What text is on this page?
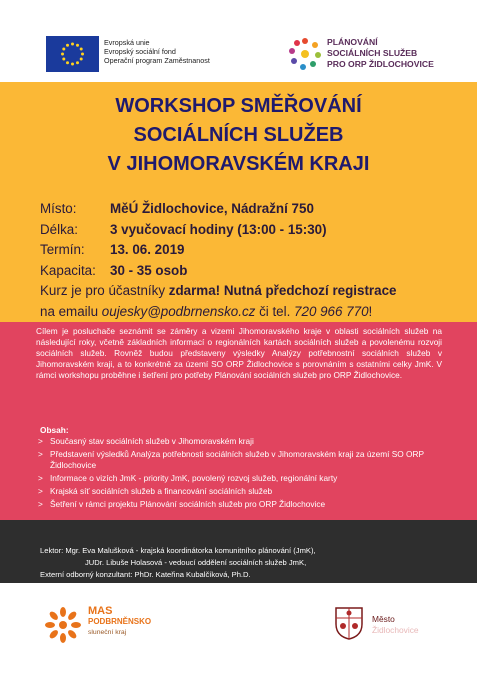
Evropská unie
Evropský sociální fond
Operační program Zaměstnanost
PLÁNOVÁNÍ
SOCIÁLNÍCH SLUŽEB
PRO ORP ŽIDLOCHOVICE
WORKSHOP SMĚŘOVÁNÍ
SOCIÁLNÍCH SLUŽEB
V JIHOMORAVSKÉM KRAJI
Místo:	MěÚ Židlochovice, Nádražní 750
Délka: 3 vyučovací hodiny (13:00 - 15:30)
Termín: 13. 06. 2019
Kapacita: 30 - 35 osob
Kurz je pro účastníky zdarma! Nutná předchozí registrace
na emailu oujesky@podbrnensko.cz či tel. 720 966 770!
Cílem je posluchače seznámit se záměry a vizemi Jihomoravského kraje v oblasti sociálních služeb na následující roky, včetně základních informací o regionálních kartách sociálních služeb a povolenému rozvoji sociálních služeb. Rovněž budou představeny výsledky Analýzy potřebnostní sociálních služeb v Jihomoravském kraji, a to konkrétně za území SO ORP Židlochovice s porovnáním s ostatními celky JmK. V rámci workshopu proběhne i šetření pro potřeby Plánování sociálních služeb pro ORP Židlochovice.
Obsah:
> Současný stav sociálních služeb v Jihomoravském kraji
> Představení výsledků Analýza potřebnosti sociálních služeb v Jihomoravském kraji za území SO ORP Židlochovice
> Informace o vizích JmK - priority JmK, povolený rozvoj služeb, regionální karty
> Krajská síť sociálních služeb a financování sociálních služeb
> Šetření v rámci projektu Plánování sociálních služeb pro ORP Židlochovice
Lektor: Mgr. Eva Malušková - krajská koordinátorka komunitního plánování (JmK),
JUDr. Libuše Holasová - vedoucí oddělení sociálních služeb JmK,
Externí odborný konzultant: PhDr. Kateřina Kubalčíková, Ph.D.
MAS
PODBRNĚNSKO
sluneční kraj
Město
Židlochovice
